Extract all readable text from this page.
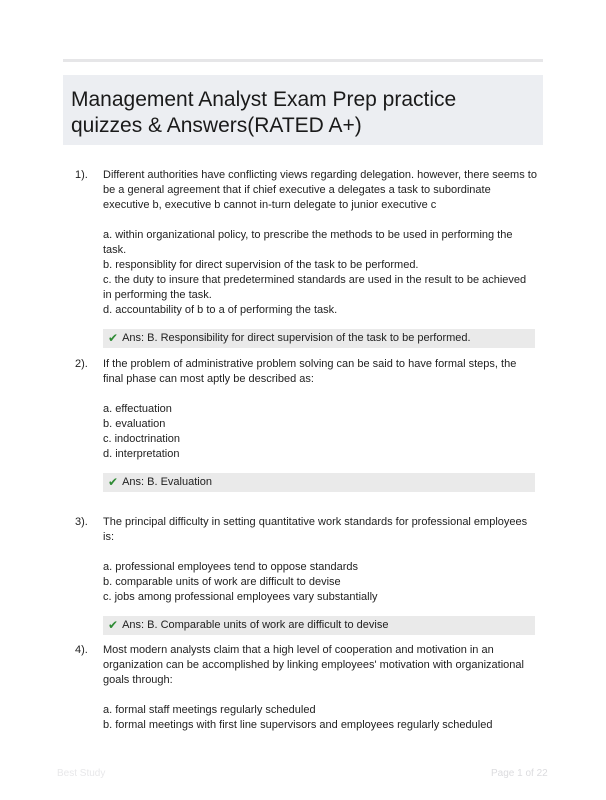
Management Analyst Exam Prep practice quizzes & Answers(RATED A+)
1).	Different authorities have conflicting views regarding delegation. however, there seems to be a general agreement that if chief executive a delegates a task to subordinate executive b, executive b cannot in-turn delegate to junior executive c

a. within organizational policy, to prescribe the methods to be used in performing the task.
b. responsiblity for direct supervision of the task to be performed.
c. the duty to insure that predetermined standards are used in the result to be achieved in performing the task.
d. accountability of b to a of performing the task.
✔ Ans: B. Responsibility for direct supervision of the task to be performed.
2).	If the problem of administrative problem solving can be said to have formal steps, the final phase can most aptly be described as:

a. effectuation
b. evaluation
c. indoctrination
d. interpretation
✔ Ans: B. Evaluation
3).	The principal difficulty in setting quantitative work standards for professional employees is:

a. professional employees tend to oppose standards
b. comparable units of work are difficult to devise
c. jobs among professional employees vary substantially
✔ Ans: B. Comparable units of work are difficult to devise
4).	Most modern analysts claim that a high level of cooperation and motivation in an organization can be accomplished by linking employees' motivation with organizational goals through:

a. formal staff meetings regularly scheduled
b. formal meetings with first line supervisors and employees regularly scheduled
Best Study	Page 1 of 22
